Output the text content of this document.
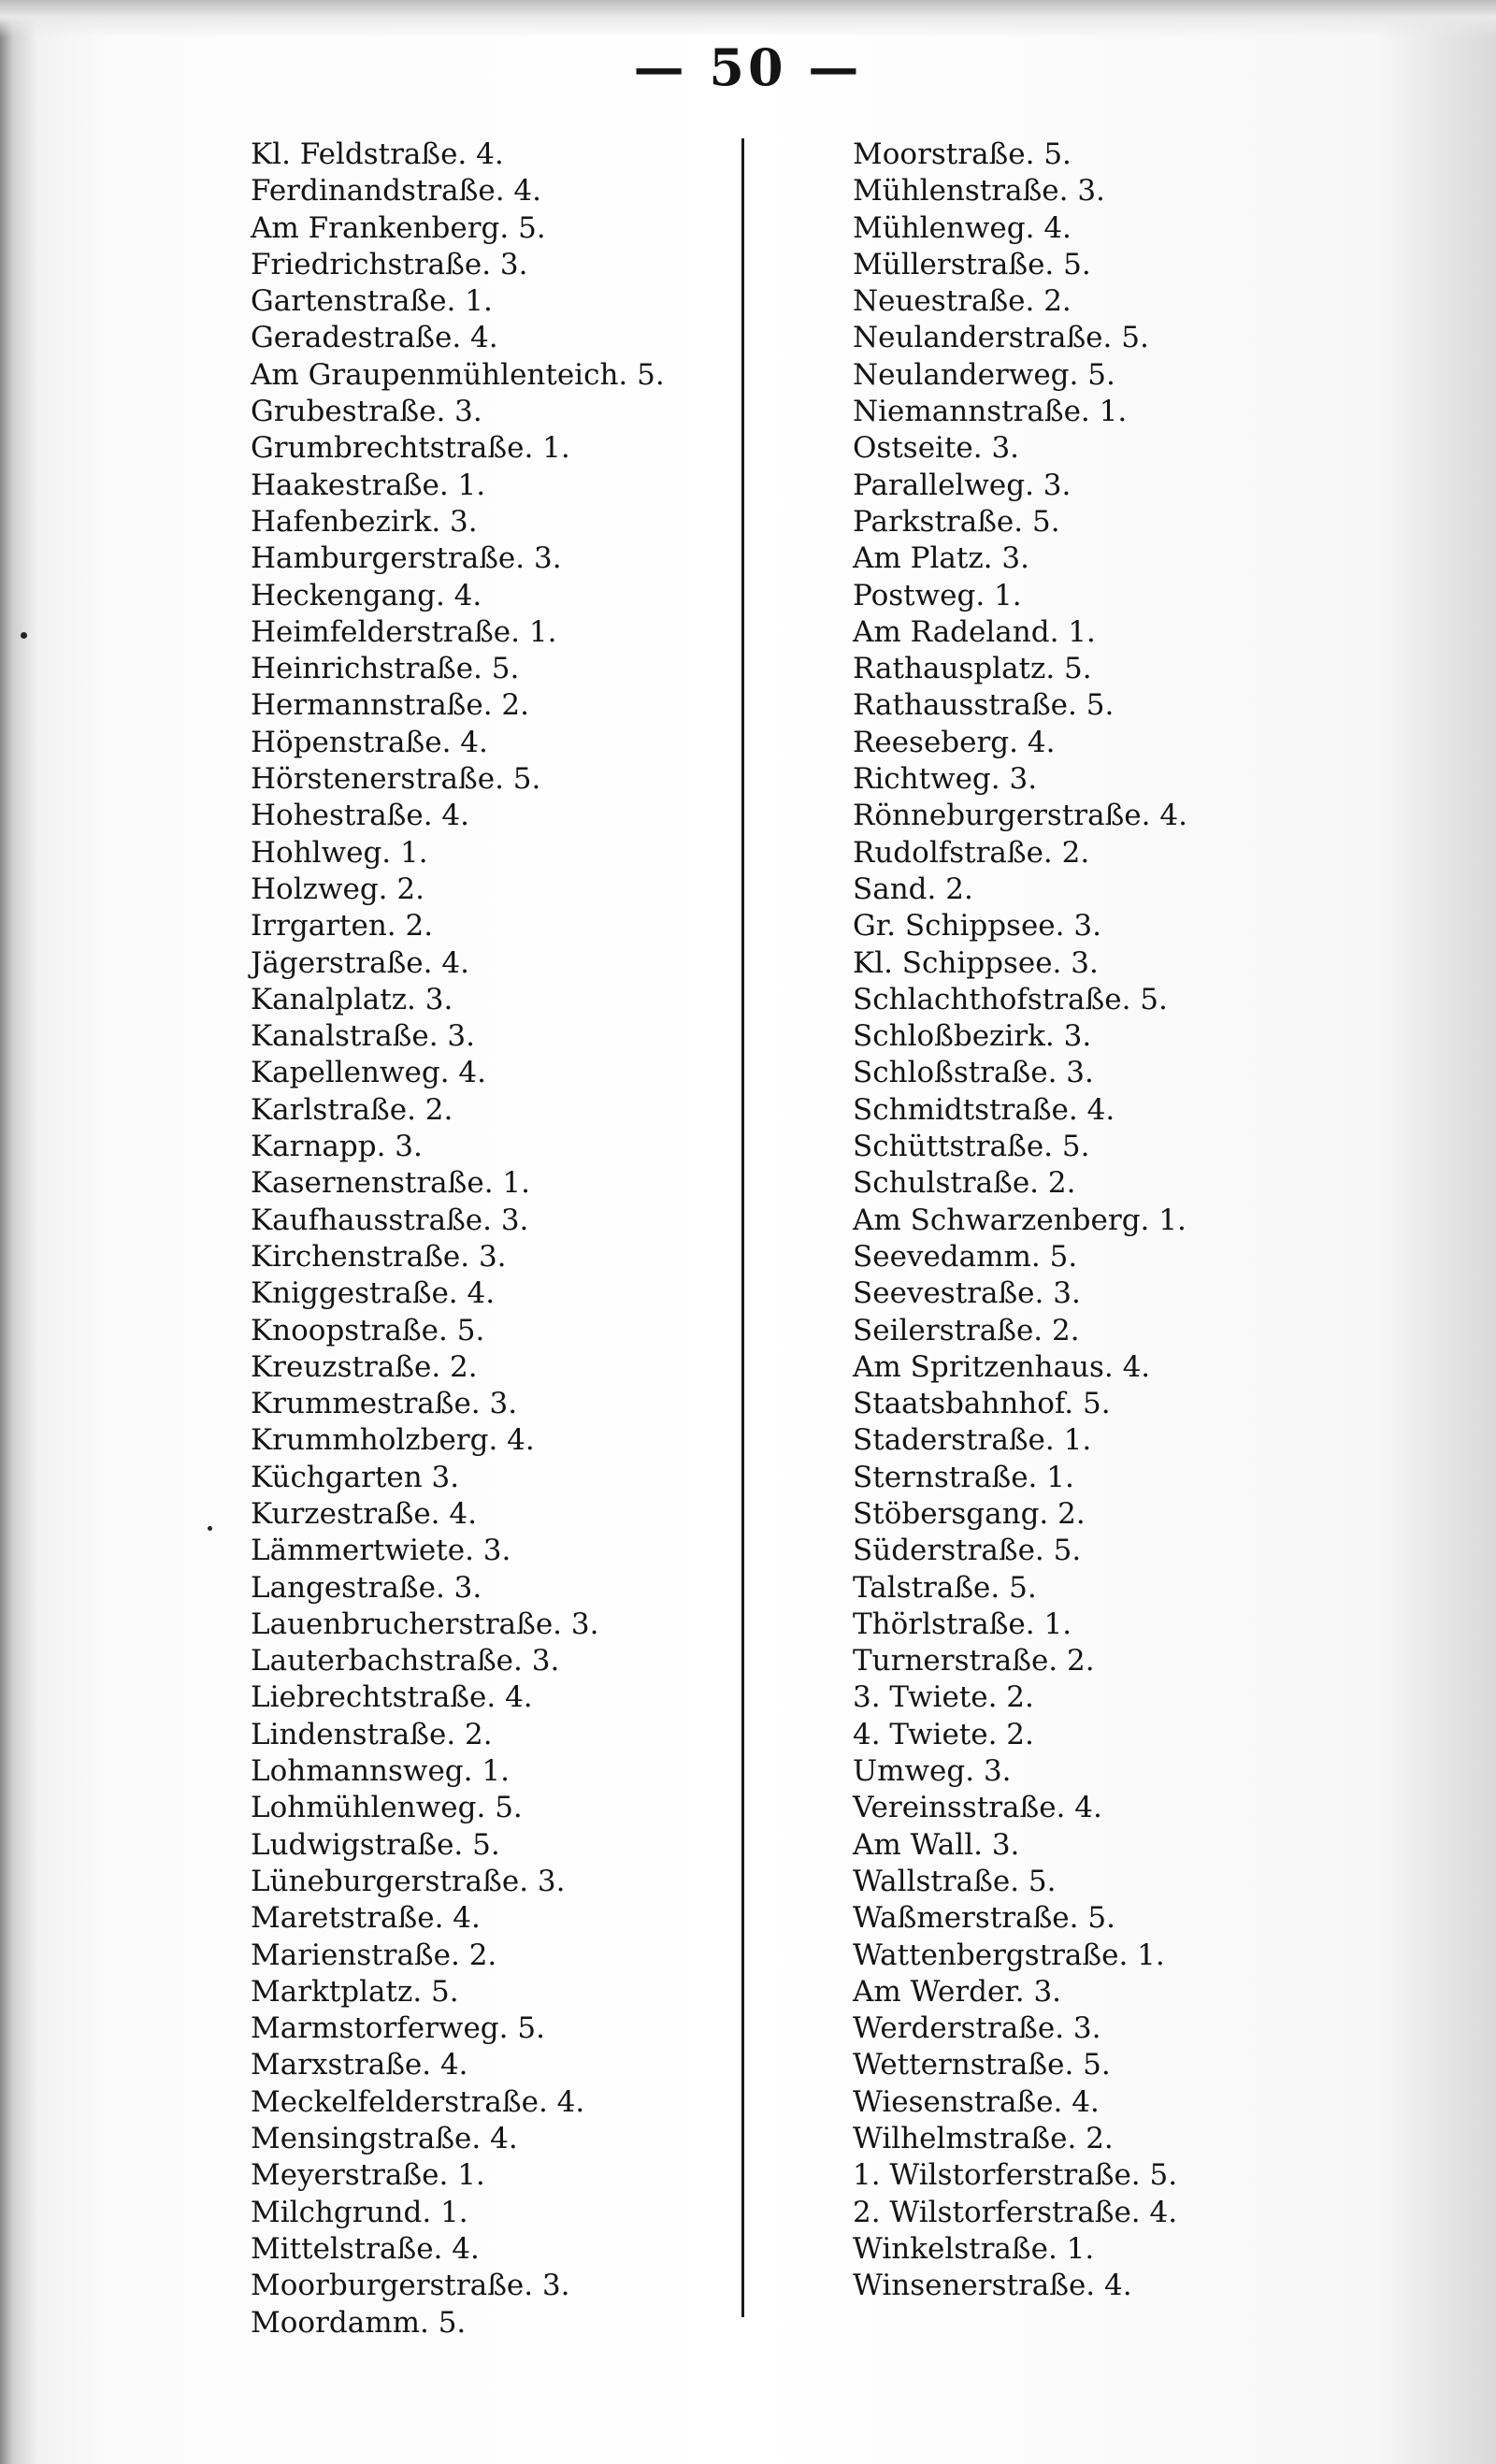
— 50 —
Kl. Feldstraße. 4.
Ferdinandstraße. 4.
Am Frankenberg. 5.
Friedrichstraße. 3.
Gartenstraße. 1.
Geradestraße. 4.
Am Graupenmühlenteich. 5.
Grubestraße. 3.
Grumbrechtstraße. 1.
Haakestraße. 1.
Hafenbezirk. 3.
Hamburgerstraße. 3.
Heckengang. 4.
Heimfelderstraße. 1.
Heinrichstraße. 5.
Hermannstraße. 2.
Höpenstraße. 4.
Hörstenerstraße. 5.
Hohestraße. 4.
Hohlweg. 1.
Holzweg. 2.
Irrgarten. 2.
Jägerstraße. 4.
Kanalplatz. 3.
Kanalstraße. 3.
Kapellenweg. 4.
Karlstraße. 2.
Karnapp. 3.
Kasernenstraße. 1.
Kaufhausstraße. 3.
Kirchenstraße. 3.
Kniggestraße. 4.
Knoopstraße. 5.
Kreuzstraße. 2.
Krummestraße. 3.
Krummholzberg. 4.
Küchgarten 3.
Kurzestraße. 4.
Lämmertwiete. 3.
Langestraße. 3.
Lauenbrucherstraße. 3.
Lauterbachstraße. 3.
Liebrechtstraße. 4.
Lindenstraße. 2.
Lohmannsweg. 1.
Lohmühlenweg. 5.
Ludwigstraße. 5.
Lüneburgerstraße. 3.
Maretstraße. 4.
Marienstraße. 2.
Marktplatz. 5.
Marmstorferweg. 5.
Marxstraße. 4.
Meckelfelderstraße. 4.
Mensingstraße. 4.
Meyerstraße. 1.
Milchgrund. 1.
Mittelstraße. 4.
Moorburgerstraße. 3.
Moordamm. 5.
Moorstraße. 5.
Mühlenstraße. 3.
Mühlenweg. 4.
Müllerstraße. 5.
Neuestraße. 2.
Neulanderstraße. 5.
Neulanderweg. 5.
Niemannstraße. 1.
Ostseite. 3.
Parallelweg. 3.
Parkstraße. 5.
Am Platz. 3.
Postweg. 1.
Am Radeland. 1.
Rathausplatz. 5.
Rathausstraße. 5.
Reeseberg. 4.
Richtweg. 3.
Rönneburgerstraße. 4.
Rudolfstraße. 2.
Sand. 2.
Gr. Schippsee. 3.
Kl. Schippsee. 3.
Schlachthofstraße. 5.
Schloßbezirk. 3.
Schloßstraße. 3.
Schmidtstraße. 4.
Schüttstraße. 5.
Schulstraße. 2.
Am Schwarzenberg. 1.
Seevedamm. 5.
Seevestraße. 3.
Seilerstraße. 2.
Am Spritzenhaus. 4.
Staatsbahnhof. 5.
Staderstraße. 1.
Sternstraße. 1.
Stöbersgang. 2.
Süderstraße. 5.
Talstraße. 5.
Thörlstraße. 1.
Turnerstraße. 2.
3. Twiete. 2.
4. Twiete. 2.
Umweg. 3.
Vereinsstraße. 4.
Am Wall. 3.
Wallstraße. 5.
Waßmerstraße. 5.
Wattenbergstraße. 1.
Am Werder. 3.
Werderstraße. 3.
Wetternstraße. 5.
Wiesenstraße. 4.
Wilhelmstraße. 2.
1. Wilstorferstraße. 5.
2. Wilstorferstraße. 4.
Winkelstraße. 1.
Winsenerstraße. 4.
